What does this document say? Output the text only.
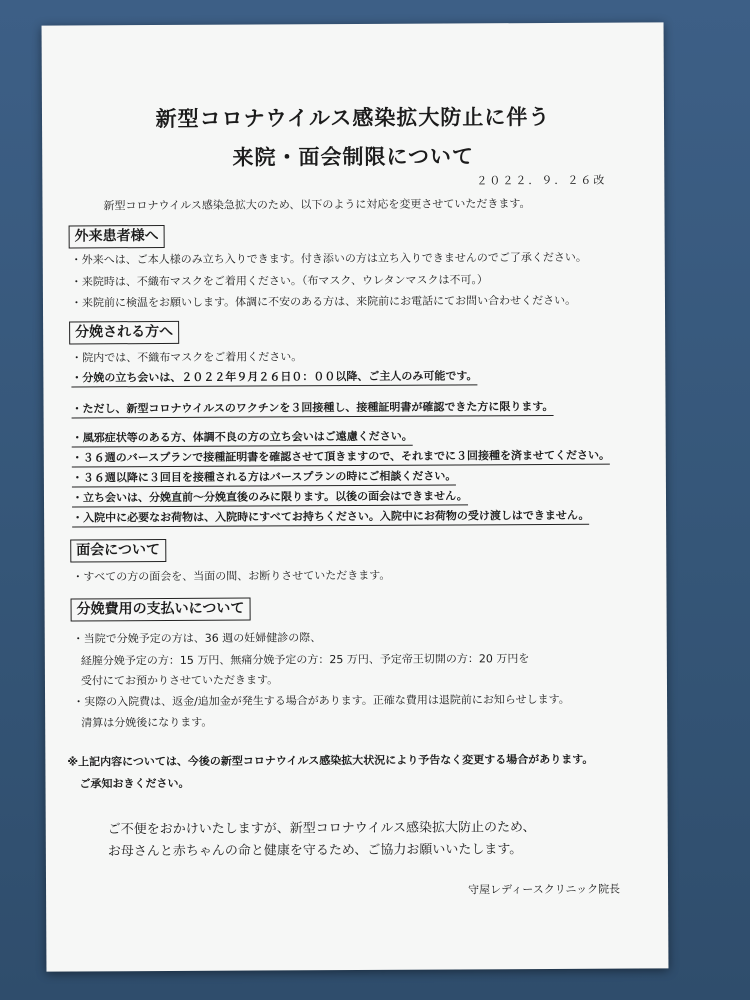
新型コロナウイルス感染拡大防止に伴う
来院・面会制限について
２０２２．９．２６改
新型コロナウイルス感染急拡大のため、以下のように対応を変更させていただきます。
外来患者様へ
・外来へは、ご本人様のみ立ち入りできます。付き添いの方は立ち入りできませんのでご了承ください。
・来院時は、不織布マスクをご着用ください。（布マスク、ウレタンマスクは不可。）
・来院前に検温をお願いします。体調に不安のある方は、来院前にお電話にてお問い合わせください。
分娩される方へ
・院内では、不織布マスクをご着用ください。
・分娩の立ち会いは、２０２２年９月２６日０：００以降、ご主人のみ可能です。
・ただし、新型コロナウイルスのワクチンを３回接種し、接種証明書が確認できた方に限ります。
・風邪症状等のある方、体調不良の方の立ち会いはご遠慮ください。
・３６週のバースプランで接種証明書を確認させて頂きますので、それまでに３回接種を済ませてください。
・３６週以降に３回目を接種される方はバースプランの時にご相談ください。
・立ち会いは、分娩直前～分娩直後のみに限ります。以後の面会はできません。
・入院中に必要なお荷物は、入院時にすべてお持ちください。入院中にお荷物の受け渡しはできません。
面会について
・すべての方の面会を、当面の間、お断りさせていただきます。
分娩費用の支払いについて
・当院で分娩予定の方は、36 週の妊婦健診の際、
経膣分娩予定の方：15 万円、無痛分娩予定の方：25 万円、予定帝王切開の方：20 万円を
受付にてお預かりさせていただきます。
・実際の入院費は、返金/追加金が発生する場合があります。正確な費用は退院前にお知らせします。
清算は分娩後になります。
※上記内容については、今後の新型コロナウイルス感染拡大状況により予告なく変更する場合があります。
ご承知おきください。
ご不便をおかけいたしますが、新型コロナウイルス感染拡大防止のため、
お母さんと赤ちゃんの命と健康を守るため、ご協力お願いいたします。
守屋レディースクリニック院長
